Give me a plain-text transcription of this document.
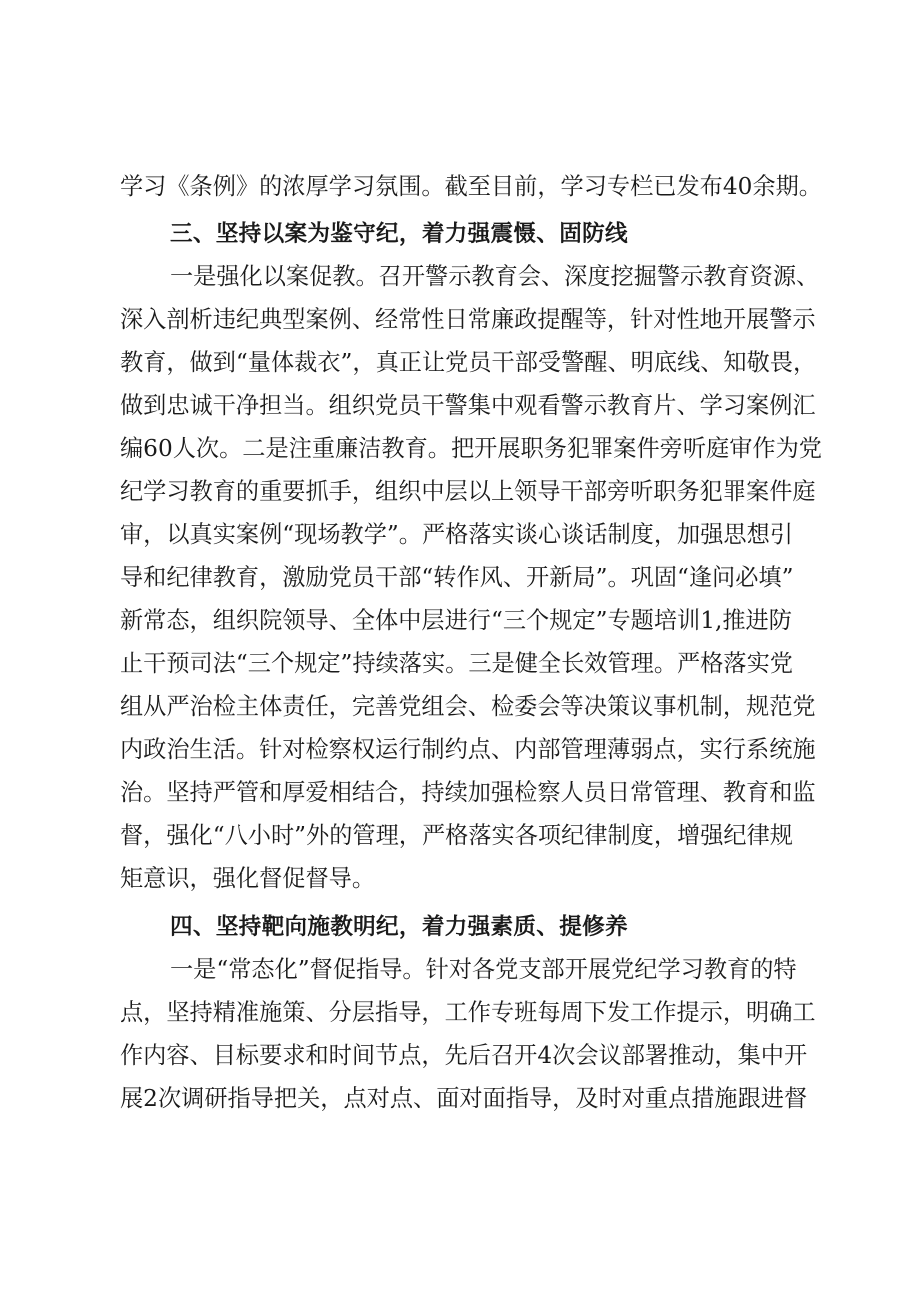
学习《条例》的浓厚学习氛围。截至目前，学习专栏已发布40余期。
三、坚持以案为鉴守纪，着力强震慑、固防线
一是强化以案促教。召开警示教育会、深度挖掘警示教育资源、
深入剖析违纪典型案例、经常性日常廉政提醒等，针对性地开展警示
教育，做到“量体裁衣”，真正让党员干部受警醒、明底线、知敬畏，
做到忠诚干净担当。组织党员干警集中观看警示教育片、学习案例汇
编60人次。二是注重廉洁教育。把开展职务犯罪案件旁听庭审作为党
纪学习教育的重要抓手，组织中层以上领导干部旁听职务犯罪案件庭
审，以真实案例“现场教学”。严格落实谈心谈话制度，加强思想引
导和纪律教育，激励党员干部“转作风、开新局”。巩固“逢问必填”
新常态，组织院领导、全体中层进行“三个规定”专题培训1,推进防
止干预司法“三个规定”持续落实。三是健全长效管理。严格落实党
组从严治检主体责任，完善党组会、检委会等决策议事机制，规范党
内政治生活。针对检察权运行制约点、内部管理薄弱点，实行系统施
治。坚持严管和厚爱相结合，持续加强检察人员日常管理、教育和监
督，强化“八小时”外的管理，严格落实各项纪律制度，增强纪律规
矩意识，强化督促督导。
四、坚持靶向施教明纪，着力强素质、提修养
一是“常态化”督促指导。针对各党支部开展党纪学习教育的特
点，坚持精准施策、分层指导，工作专班每周下发工作提示，明确工
作内容、目标要求和时间节点，先后召开4次会议部署推动，集中开
展2次调研指导把关，点对点、面对面指导，及时对重点措施跟进督
